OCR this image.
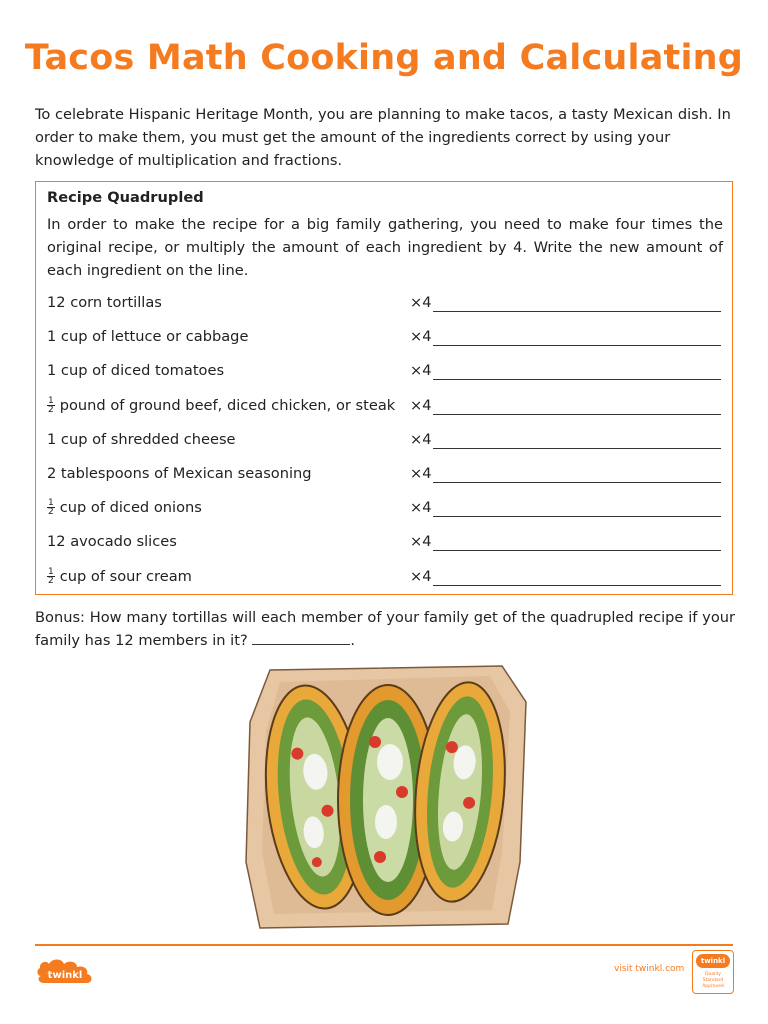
Tacos Math Cooking and Calculating

To celebrate Hispanic Heritage Month, you are planning to make tacos, a tasty Mexican dish. In order to make them, you must get the amount of the ingredients correct by using your knowledge of multiplication and fractions.

Recipe Quadrupled
In order to make the recipe for a big family gathering, you need to make four times the original recipe, or multiply the amount of each ingredient by 4. Write the new amount of each ingredient on the line.
12 corn tortillas	×4
1 cup of lettuce or cabbage	×4
1 cup of diced tomatoes	×4
$\frac{1}{2}$ pound of ground beef, diced chicken, or steak ×4
1 cup of shredded cheese	×4
2 tablespoons of Mexican seasoning	×4
$\frac{1}{2}$ cup of diced onions	×4
12 avocado slices	×4
$\frac{1}{2}$ cup of sour cream	×4

Bonus: How many tortillas will each member of your family get of the quadrupled recipe if your family has 12 members in it?	.

twinkl
visit twinkl.com
twinkl
Quality Standard Approved
